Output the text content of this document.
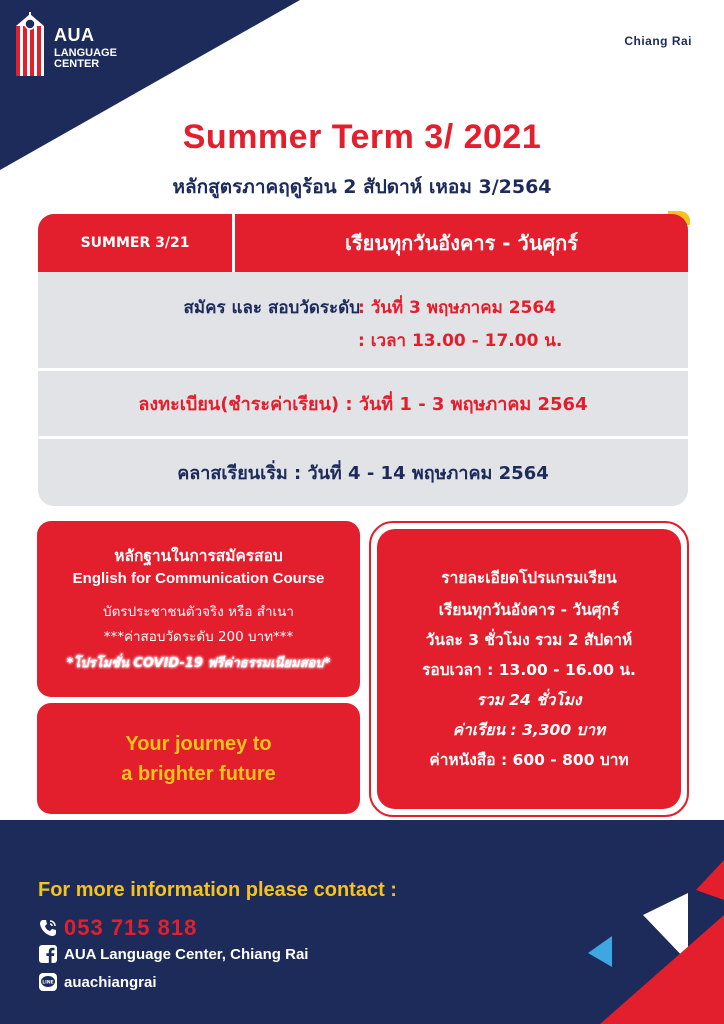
AUA
LANGUAGE
CENTER
Chiang Rai
Summer Term 3/ 2021
หลักสูตรภาคฤดูร้อน 2 สัปดาห์ เหอม 3/2564
SUMMER 3/21	เรียนทุกวันอังคาร - วันศุกร์
สมัคร และ สอบวัดระดับ
: วันที่ 3 พฤษภาคม 2564
: เวลา 13.00 - 17.00 น.
ลงทะเบียน(ชำระค่าเรียน) : วันที่ 1 - 3 พฤษภาคม 2564
คลาสเรียนเริ่ม : วันที่ 4 - 14 พฤษภาคม 2564
หลักฐานในการสมัครสอบ
English for Communication Course
บัตรประชาชนตัวจริง หรือ สำเนา
***ค่าสอบวัดระดับ 200 บาท***
*โปรโมชั่น COVID-19 ฟรีค่าธรรมเนียมสอบ*
Your journey to
a brighter future
รายละเอียดโปรแกรมเรียน
เรียนทุกวันอังคาร - วันศุกร์
วันละ 3 ชั่วโมง รวม 2 สัปดาห์
รอบเวลา : 13.00 - 16.00 น.
รวม 24 ชั่วโมง
ค่าเรียน : 3,300 บาท
ค่าหนังสือ : 600 - 800 บาท
For more information please contact :
053 715 818
AUA Language Center, Chiang Rai
LINE auachiangrai
